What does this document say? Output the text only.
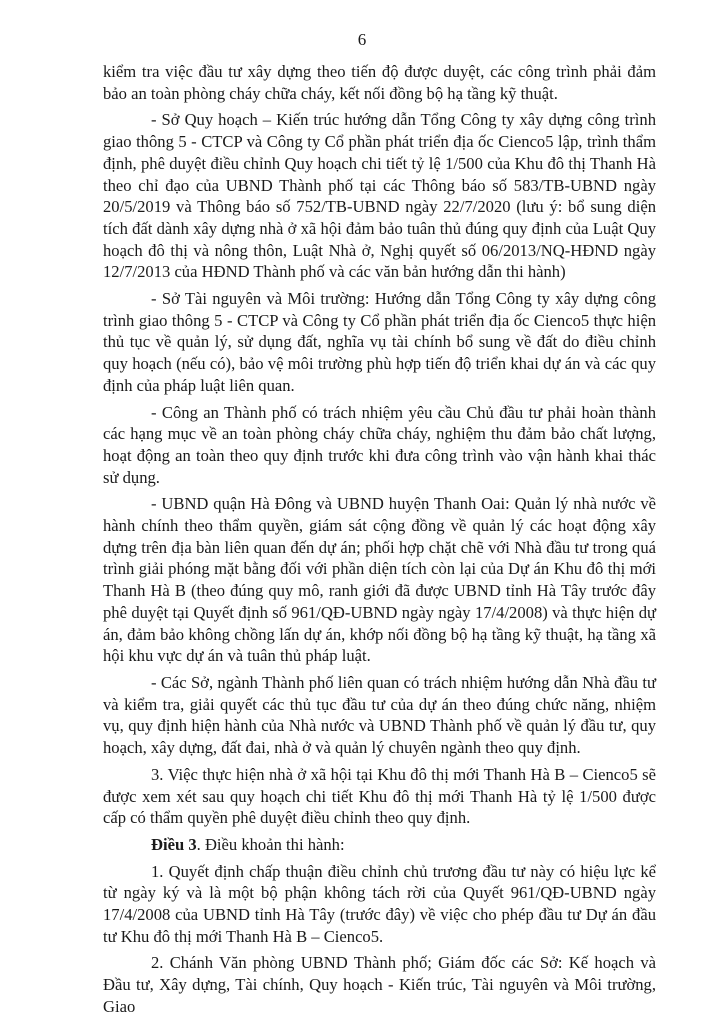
6

kiểm tra việc đầu tư xây dựng theo tiến độ được duyệt, các công trình phải đảm bảo an toàn phòng cháy chữa cháy, kết nối đồng bộ hạ tầng kỹ thuật.

- Sở Quy hoạch – Kiến trúc hướng dẫn Tổng Công ty xây dựng công trình giao thông 5 - CTCP và Công ty Cổ phần phát triển địa ốc Cienco5 lập, trình thẩm định, phê duyệt điều chỉnh Quy hoạch chi tiết tỷ lệ 1/500 của Khu đô thị Thanh Hà theo chỉ đạo của UBND Thành phố tại các Thông báo số 583/TB-UBND ngày 20/5/2019 và Thông báo số 752/TB-UBND ngày 22/7/2020 (lưu ý: bổ sung diện tích đất dành xây dựng nhà ở xã hội đảm bảo tuân thủ đúng quy định của Luật Quy hoạch đô thị và nông thôn, Luật Nhà ở, Nghị quyết số 06/2013/NQ-HĐND ngày 12/7/2013 của HĐND Thành phố và các văn bản hướng dẫn thi hành)

- Sở Tài nguyên và Môi trường: Hướng dẫn Tổng Công ty xây dựng công trình giao thông 5 - CTCP và Công ty Cổ phần phát triển địa ốc Cienco5 thực hiện thủ tục về quản lý, sử dụng đất, nghĩa vụ tài chính bổ sung về đất do điều chỉnh quy hoạch (nếu có), bảo vệ môi trường phù hợp tiến độ triển khai dự án và các quy định của pháp luật liên quan.

- Công an Thành phố có trách nhiệm yêu cầu Chủ đầu tư phải hoàn thành các hạng mục về an toàn phòng cháy chữa cháy, nghiệm thu đảm bảo chất lượng, hoạt động an toàn theo quy định trước khi đưa công trình vào vận hành khai thác sử dụng.

- UBND quận Hà Đông và UBND huyện Thanh Oai: Quản lý nhà nước về hành chính theo thẩm quyền, giám sát cộng đồng về quản lý các hoạt động xây dựng trên địa bàn liên quan đến dự án; phối hợp chặt chẽ với Nhà đầu tư trong quá trình giải phóng mặt bằng đối với phần diện tích còn lại của Dự án Khu đô thị mới Thanh Hà B (theo đúng quy mô, ranh giới đã được UBND tỉnh Hà Tây trước đây phê duyệt tại Quyết định số 961/QĐ-UBND ngày ngày 17/4/2008) và thực hiện dự án, đảm bảo không chồng lấn dự án, khớp nối đồng bộ hạ tầng kỹ thuật, hạ tầng xã hội khu vực dự án và tuân thủ pháp luật.

- Các Sở, ngành Thành phố liên quan có trách nhiệm hướng dẫn Nhà đầu tư và kiểm tra, giải quyết các thủ tục đầu tư của dự án theo đúng chức năng, nhiệm vụ, quy định hiện hành của Nhà nước và UBND Thành phố về quản lý đầu tư, quy hoạch, xây dựng, đất đai, nhà ở và quản lý chuyên ngành theo quy định.

3. Việc thực hiện nhà ở xã hội tại Khu đô thị mới Thanh Hà B – Cienco5 sẽ được xem xét sau quy hoạch chi tiết Khu đô thị mới Thanh Hà tỷ lệ 1/500 được cấp có thẩm quyền phê duyệt điều chỉnh theo quy định.

Điều 3. Điều khoản thi hành:

1. Quyết định chấp thuận điều chỉnh chủ trương đầu tư này có hiệu lực kể từ ngày ký và là một bộ phận không tách rời của Quyết 961/QĐ-UBND ngày 17/4/2008 của UBND tỉnh Hà Tây (trước đây) về việc cho phép đầu tư Dự án đầu tư Khu đô thị mới Thanh Hà B – Cienco5.

2. Chánh Văn phòng UBND Thành phố; Giám đốc các Sở: Kế hoạch và Đầu tư, Xây dựng, Tài chính, Quy hoạch - Kiến trúc, Tài nguyên và Môi trường, Giao
